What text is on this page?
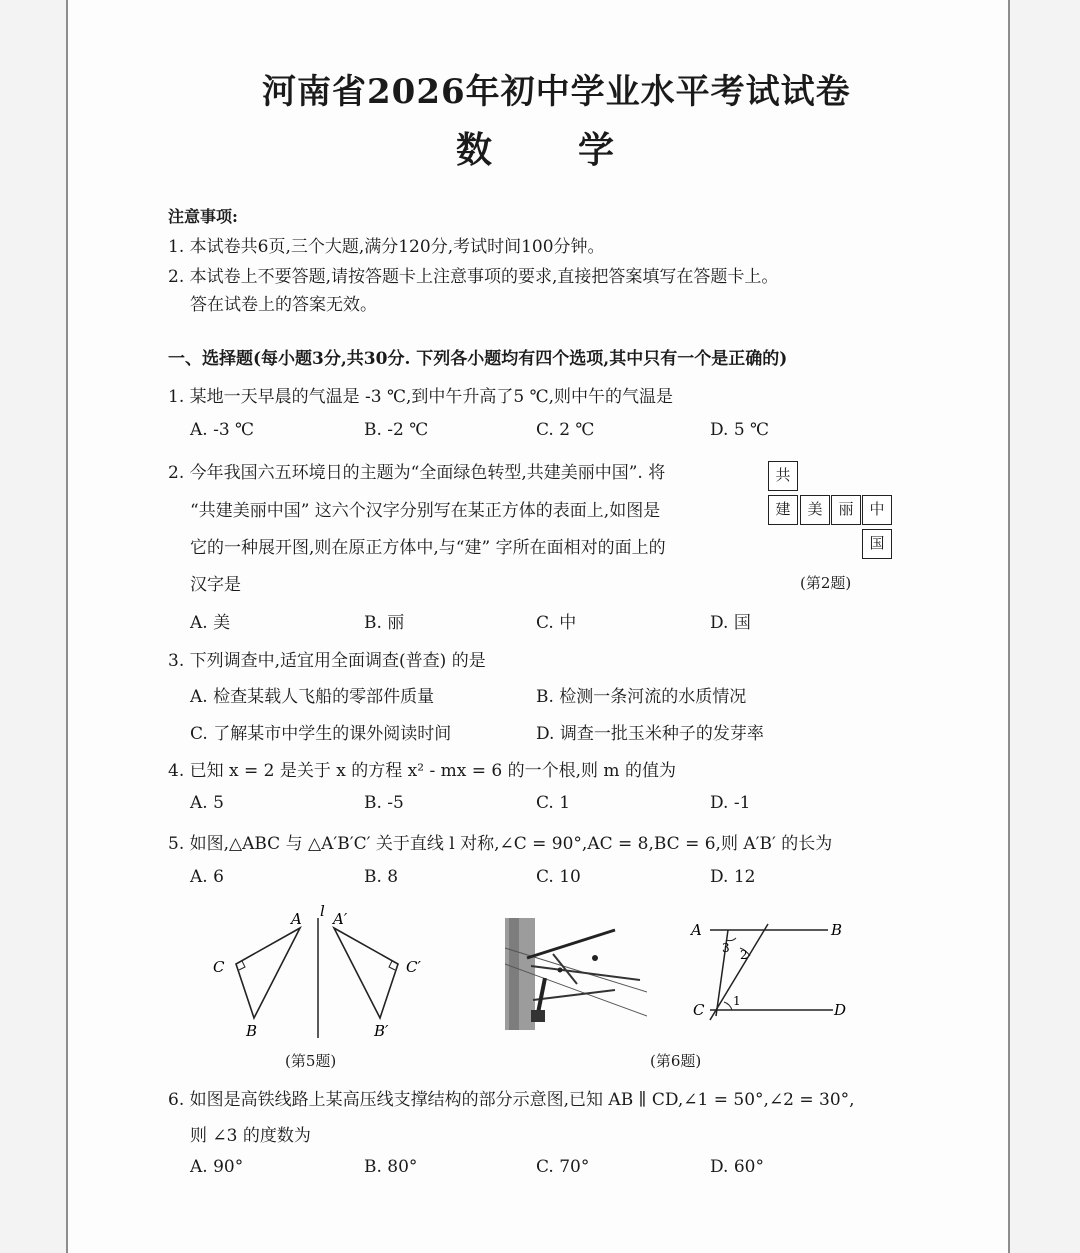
河南省2026年初中学业水平考试试卷
数学
注意事项:
1. 本试卷共6页,三个大题,满分120分,考试时间100分钟。
2. 本试卷上不要答题,请按答题卡上注意事项的要求,直接把答案填写在答题卡上。
答在试卷上的答案无效。
一、选择题(每小题3分,共30分. 下列各小题均有四个选项,其中只有一个是正确的)
1. 某地一天早晨的气温是 -3 ℃,到中午升高了5 ℃,则中午的气温是
A. -3 ℃	B. -2 ℃	C. 2 ℃	D. 5 ℃
2. 今年我国六五环境日的主题为“全面绿色转型,共建美丽中国”. 将
“共建美丽中国” 这六个汉字分别写在某正方体的表面上,如图是
它的一种展开图,则在原正方体中,与“建” 字所在面相对的面上的
汉字是
共
建	美	丽	中
国
(第2题)
A. 美	B. 丽	C. 中	D. 国
3. 下列调查中,适宜用全面调查(普查) 的是
A. 检查某载人飞船的零部件质量	B. 检测一条河流的水质情况
C. 了解某市中学生的课外阅读时间	D. 调查一批玉米种子的发芽率
4. 已知 x = 2 是关于 x 的方程 x² - mx = 6 的一个根,则 m 的值为
A. 5	B. -5	C. 1	D. -1
5. 如图,△ABC 与 △A′B′C′ 关于直线 l 对称,∠C = 90°,AC = 8,BC = 6,则 A′B′ 的长为
A. 6	B. 8	C. 10	D. 12
A
B
C
A′
B′
C′
l
(第5题)
A	B
C	D
1
2
3
(第6题)
6. 如图是高铁线路上某高压线支撑结构的部分示意图,已知 AB ∥ CD,∠1 = 50°,∠2 = 30°,
则 ∠3 的度数为
A. 90°	B. 80°	C. 70°	D. 60°
